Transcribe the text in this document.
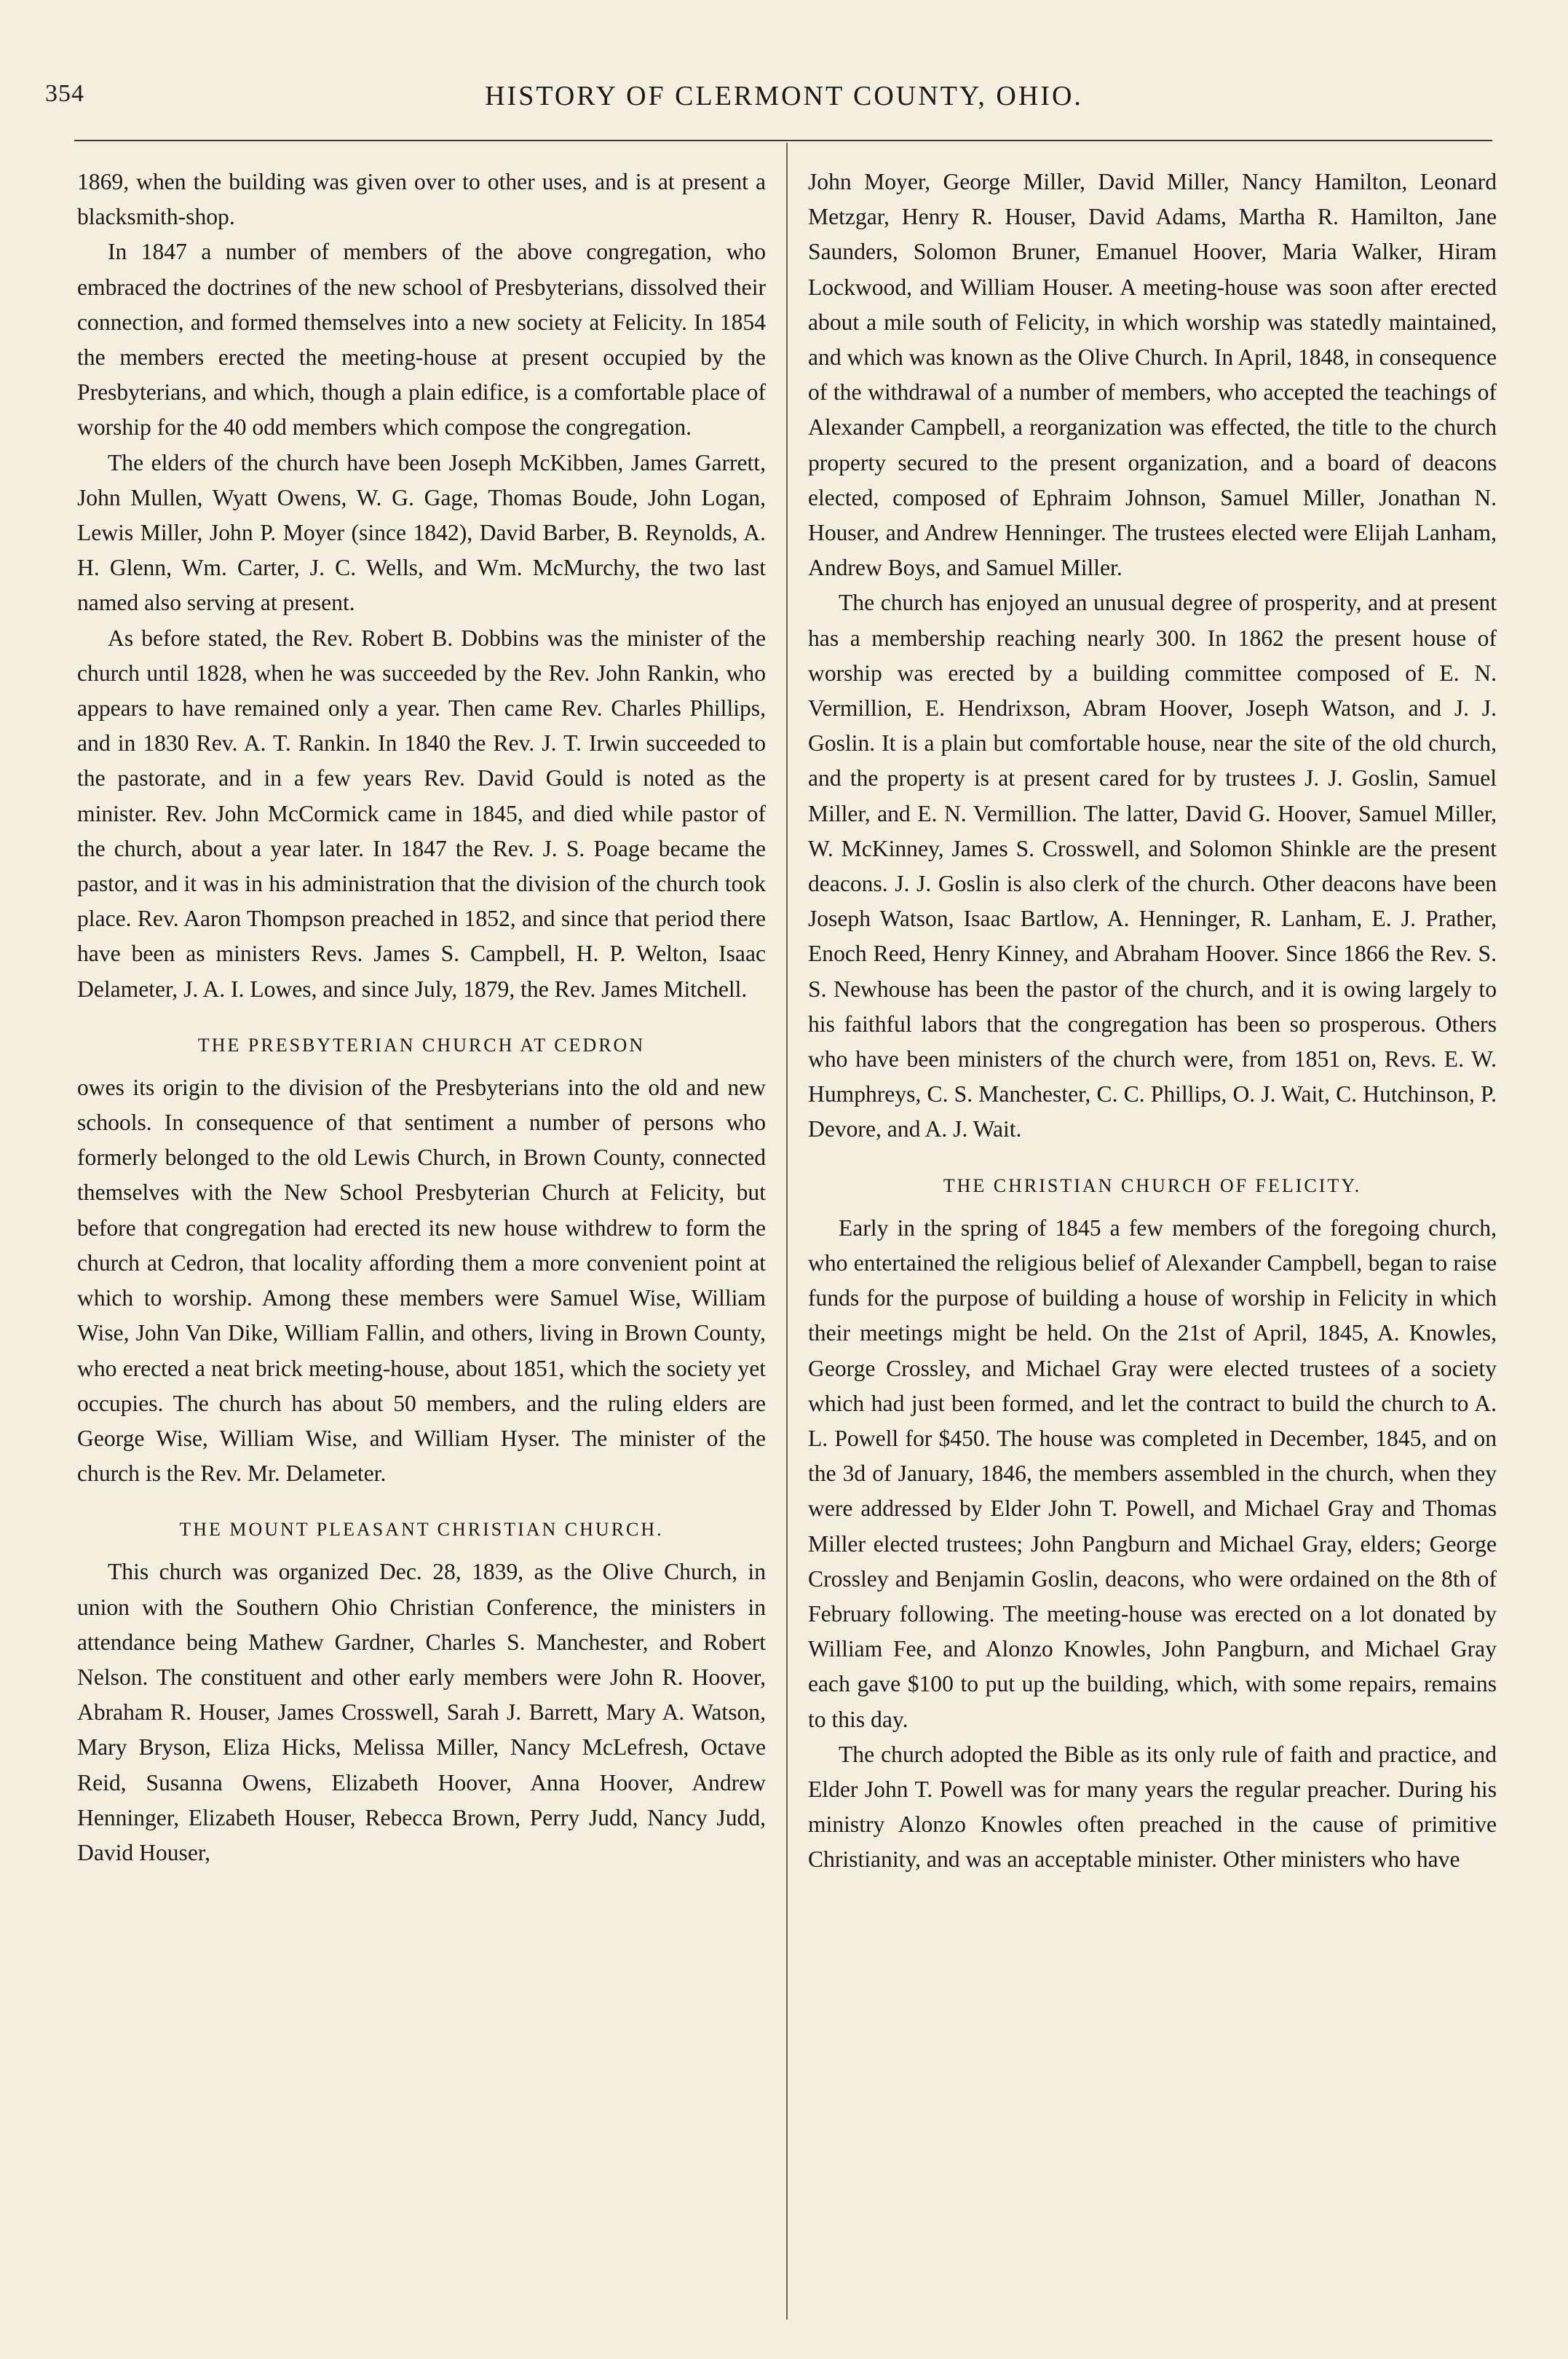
354	HISTORY OF CLERMONT COUNTY, OHIO.

1869, when the building was given over to other uses, and is at present a blacksmith-shop.

In 1847 a number of members of the above congregation, who embraced the doctrines of the new school of Presbyterians, dissolved their connection, and formed themselves into a new society at Felicity. In 1854 the members erected the meeting-house at present occupied by the Presbyterians, and which, though a plain edifice, is a comfortable place of worship for the 40 odd members which compose the congregation.

The elders of the church have been Joseph McKibben, James Garrett, John Mullen, Wyatt Owens, W. G. Gage, Thomas Boude, John Logan, Lewis Miller, John P. Moyer (since 1842), David Barber, B. Reynolds, A. H. Glenn, Wm. Carter, J. C. Wells, and Wm. McMurchy, the two last named also serving at present.

As before stated, the Rev. Robert B. Dobbins was the minister of the church until 1828, when he was succeeded by the Rev. John Rankin, who appears to have remained only a year. Then came Rev. Charles Phillips, and in 1830 Rev. A. T. Rankin. In 1840 the Rev. J. T. Irwin succeeded to the pastorate, and in a few years Rev. David Gould is noted as the minister. Rev. John McCormick came in 1845, and died while pastor of the church, about a year later. In 1847 the Rev. J. S. Poage became the pastor, and it was in his administration that the division of the church took place. Rev. Aaron Thompson preached in 1852, and since that period there have been as ministers Revs. James S. Campbell, H. P. Welton, Isaac Delameter, J. A. I. Lowes, and since July, 1879, the Rev. James Mitchell.

THE PRESBYTERIAN CHURCH AT CEDRON

owes its origin to the division of the Presbyterians into the old and new schools. In consequence of that sentiment a number of persons who formerly belonged to the old Lewis Church, in Brown County, connected themselves with the New School Presbyterian Church at Felicity, but before that congregation had erected its new house withdrew to form the church at Cedron, that locality affording them a more convenient point at which to worship. Among these members were Samuel Wise, William Wise, John Van Dike, William Fallin, and others, living in Brown County, who erected a neat brick meeting-house, about 1851, which the society yet occupies. The church has about 50 members, and the ruling elders are George Wise, William Wise, and William Hyser. The minister of the church is the Rev. Mr. Delameter.

THE MOUNT PLEASANT CHRISTIAN CHURCH.

This church was organized Dec. 28, 1839, as the Olive Church, in union with the Southern Ohio Christian Conference, the ministers in attendance being Mathew Gardner, Charles S. Manchester, and Robert Nelson. The constituent and other early members were John R. Hoover, Abraham R. Houser, James Crosswell, Sarah J. Barrett, Mary A. Watson, Mary Bryson, Eliza Hicks, Melissa Miller, Nancy McLefresh, Octave Reid, Susanna Owens, Elizabeth Hoover, Anna Hoover, Andrew Henninger, Elizabeth Houser, Rebecca Brown, Perry Judd, Nancy Judd, David Houser,

John Moyer, George Miller, David Miller, Nancy Hamilton, Leonard Metzgar, Henry R. Houser, David Adams, Martha R. Hamilton, Jane Saunders, Solomon Bruner, Emanuel Hoover, Maria Walker, Hiram Lockwood, and William Houser. A meeting-house was soon after erected about a mile south of Felicity, in which worship was statedly maintained, and which was known as the Olive Church. In April, 1848, in consequence of the withdrawal of a number of members, who accepted the teachings of Alexander Campbell, a reorganization was effected, the title to the church property secured to the present organization, and a board of deacons elected, composed of Ephraim Johnson, Samuel Miller, Jonathan N. Houser, and Andrew Henninger. The trustees elected were Elijah Lanham, Andrew Boys, and Samuel Miller.

The church has enjoyed an unusual degree of prosperity, and at present has a membership reaching nearly 300. In 1862 the present house of worship was erected by a building committee composed of E. N. Vermillion, E. Hendrixson, Abram Hoover, Joseph Watson, and J. J. Goslin. It is a plain but comfortable house, near the site of the old church, and the property is at present cared for by trustees J. J. Goslin, Samuel Miller, and E. N. Vermillion. The latter, David G. Hoover, Samuel Miller, W. McKinney, James S. Crosswell, and Solomon Shinkle are the present deacons. J. J. Goslin is also clerk of the church. Other deacons have been Joseph Watson, Isaac Bartlow, A. Henninger, R. Lanham, E. J. Prather, Enoch Reed, Henry Kinney, and Abraham Hoover. Since 1866 the Rev. S. S. Newhouse has been the pastor of the church, and it is owing largely to his faithful labors that the congregation has been so prosperous. Others who have been ministers of the church were, from 1851 on, Revs. E. W. Humphreys, C. S. Manchester, C. C. Phillips, O. J. Wait, C. Hutchinson, P. Devore, and A. J. Wait.

THE CHRISTIAN CHURCH OF FELICITY.

Early in the spring of 1845 a few members of the foregoing church, who entertained the religious belief of Alexander Campbell, began to raise funds for the purpose of building a house of worship in Felicity in which their meetings might be held. On the 21st of April, 1845, A. Knowles, George Crossley, and Michael Gray were elected trustees of a society which had just been formed, and let the contract to build the church to A. L. Powell for $450. The house was completed in December, 1845, and on the 3d of January, 1846, the members assembled in the church, when they were addressed by Elder John T. Powell, and Michael Gray and Thomas Miller elected trustees; John Pangburn and Michael Gray, elders; George Crossley and Benjamin Goslin, deacons, who were ordained on the 8th of February following. The meeting-house was erected on a lot donated by William Fee, and Alonzo Knowles, John Pangburn, and Michael Gray each gave $100 to put up the building, which, with some repairs, remains to this day.

The church adopted the Bible as its only rule of faith and practice, and Elder John T. Powell was for many years the regular preacher. During his ministry Alonzo Knowles often preached in the cause of primitive Christianity, and was an acceptable minister. Other ministers who have
